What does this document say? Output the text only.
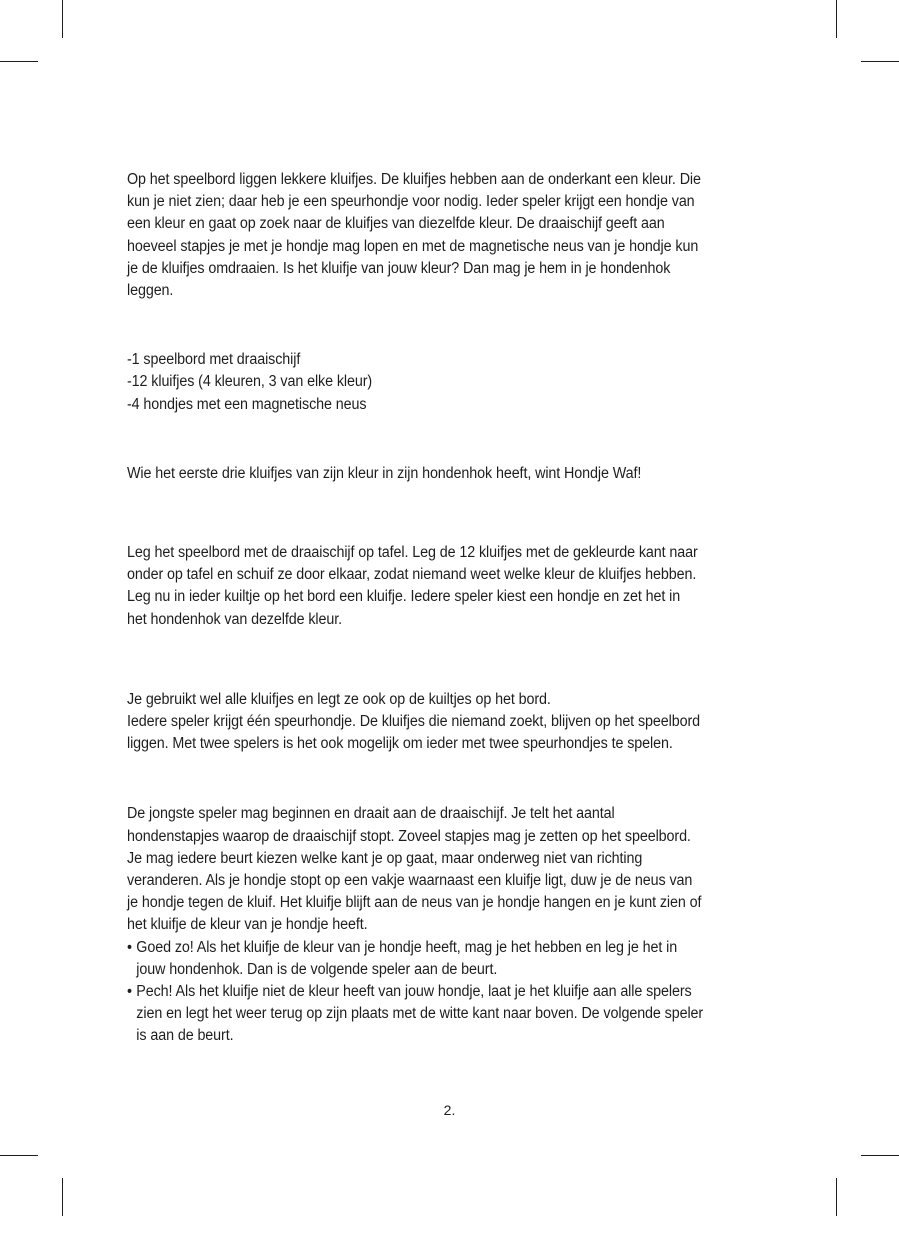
Op het speelbord liggen lekkere kluifjes. De kluifjes hebben aan de onderkant een kleur. Die kun je niet zien; daar heb je een speurhondje voor nodig. Ieder speler krijgt een hondje van een kleur en gaat op zoek naar de kluifjes van diezelfde kleur. De draaischijf geeft aan hoeveel stapjes je met je hondje mag lopen en met de magnetische neus van je hondje kun je de kluifjes omdraaien. Is het kluifje van jouw kleur? Dan mag je hem in je hondenhok leggen.

-1 speelbord met draaischijf

-12 kluifjes (4 kleuren, 3 van elke kleur)

-4 hondjes met een magnetische neus

Wie het eerste drie kluifjes van zijn kleur in zijn hondenhok heeft, wint Hondje Waf!

Leg het speelbord met de draaischijf op tafel. Leg de 12 kluifjes met de gekleurde kant naar onder op tafel en schuif ze door elkaar, zodat niemand weet welke kleur de kluifjes hebben. Leg nu in ieder kuiltje op het bord een kluifje. Iedere speler kiest een hondje en zet het in het hondenhok van dezelfde kleur.

Je gebruikt wel alle kluifjes en legt ze ook op de kuiltjes op het bord.

Iedere speler krijgt één speurhondje. De kluifjes die niemand zoekt, blijven op het speelbord liggen. Met twee spelers is het ook mogelijk om ieder met twee speurhondjes te spelen.

De jongste speler mag beginnen en draait aan de draaischijf. Je telt het aantal hondenstapjes waarop de draaischijf stopt. Zoveel stapjes mag je zetten op het speelbord. Je mag iedere beurt kiezen welke kant je op gaat, maar onderweg niet van richting veranderen. Als je hondje stopt op een vakje waarnaast een kluifje ligt, duw je de neus van je hondje tegen de kluif. Het kluifje blijft aan de neus van je hondje hangen en je kunt zien of het kluifje de kleur van je hondje heeft.

• Goed zo! Als het kluifje de kleur van je hondje heeft, mag je het hebben en leg je het in jouw hondenhok. Dan is de volgende speler aan de beurt.
• Pech! Als het kluifje niet de kleur heeft van jouw hondje, laat je het kluifje aan alle spelers zien en legt het weer terug op zijn plaats met de witte kant naar boven. De volgende speler is aan de beurt.
2.
